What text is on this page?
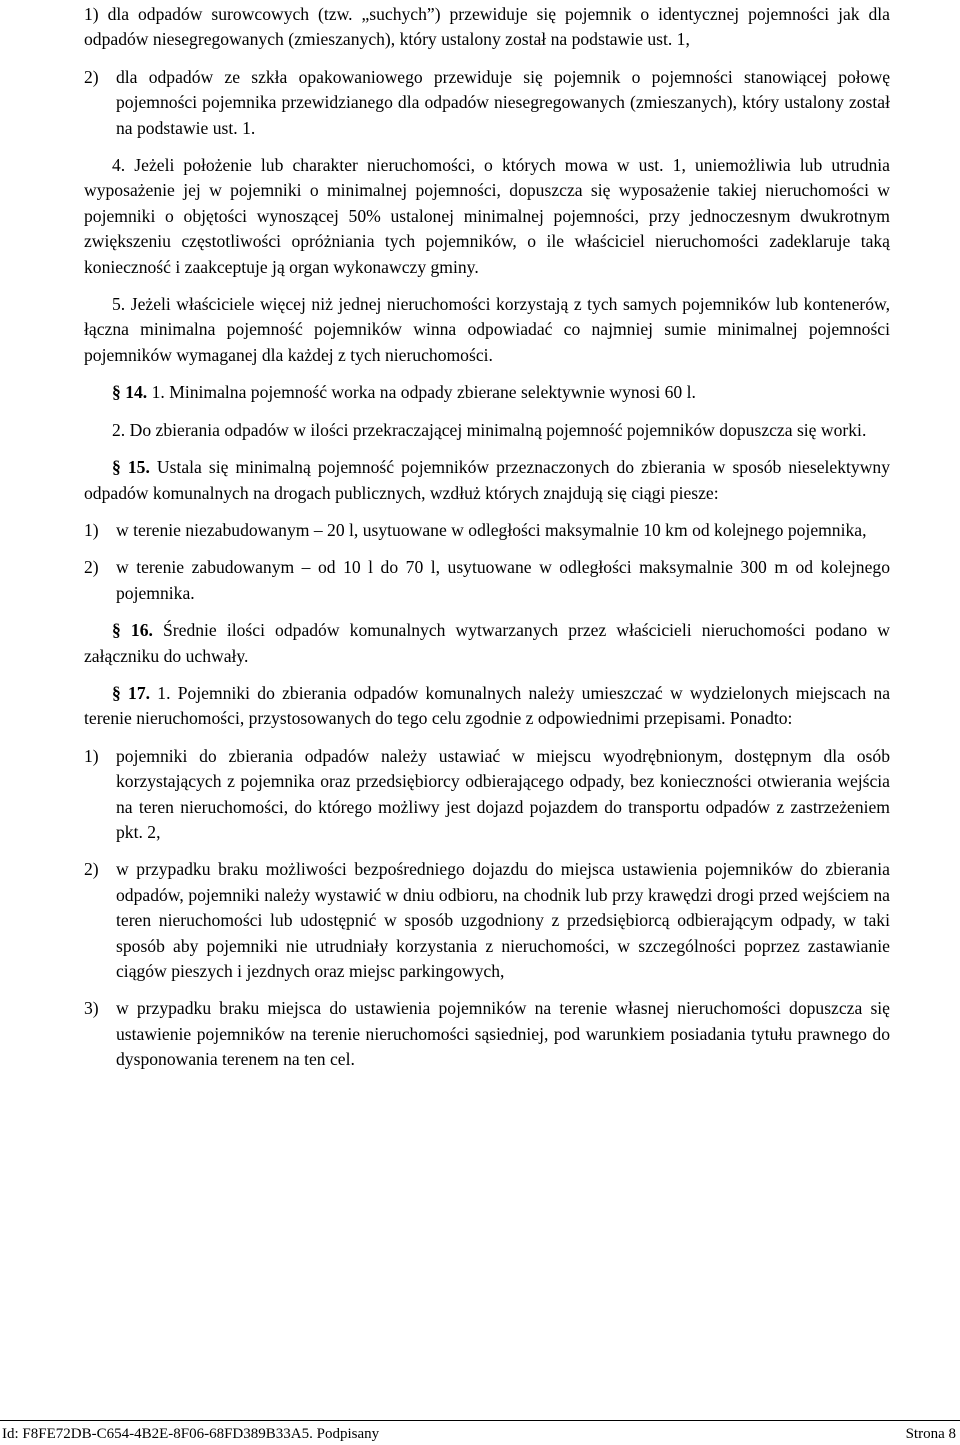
1) dla odpadów surowcowych (tzw. „suchych”) przewiduje się pojemnik o identycznej pojemności jak dla odpadów niesegregowanych (zmieszanych), który ustalony został na podstawie ust. 1,
2) dla odpadów ze szkła opakowaniowego przewiduje się pojemnik o pojemności stanowiącej połowę pojemności pojemnika przewidzianego dla odpadów niesegregowanych (zmieszanych), który ustalony został na podstawie ust. 1.

4. Jeżeli położenie lub charakter nieruchomości, o których mowa w ust. 1, uniemożliwia lub utrudnia wyposażenie jej w pojemniki o minimalnej pojemności, dopuszcza się wyposażenie takiej nieruchomości w pojemniki o objętości wynoszącej 50% ustalonej minimalnej pojemności, przy jednoczesnym dwukrotnym zwiększeniu częstotliwości opróżniania tych pojemników, o ile właściciel nieruchomości zadeklaruje taką konieczność i zaakceptuje ją organ wykonawczy gminy.

5. Jeżeli właściciele więcej niż jednej nieruchomości korzystają z tych samych pojemników lub kontenerów, łączna minimalna pojemność pojemników winna odpowiadać co najmniej sumie minimalnej pojemności pojemników wymaganej dla każdej z tych nieruchomości.

§ 14. 1. Minimalna pojemność worka na odpady zbierane selektywnie wynosi 60 l.

2. Do zbierania odpadów w ilości przekraczającej minimalną pojemność pojemników dopuszcza się worki.

§ 15. Ustala się minimalną pojemność pojemników przeznaczonych do zbierania w sposób nieselektywny odpadów komunalnych na drogach publicznych, wzdłuż których znajdują się ciągi piesze:

1) w terenie niezabudowanym – 20 l, usytuowane w odległości maksymalnie 10 km od kolejnego pojemnika,
2) w terenie zabudowanym – od 10 l do 70 l, usytuowane w odległości maksymalnie 300 m od kolejnego pojemnika.

§ 16. Średnie ilości odpadów komunalnych wytwarzanych przez właścicieli nieruchomości podano w załączniku do uchwały.

§ 17. 1. Pojemniki do zbierania odpadów komunalnych należy umieszczać w wydzielonych miejscach na terenie nieruchomości, przystosowanych do tego celu zgodnie z odpowiednimi przepisami. Ponadto:

1) pojemniki do zbierania odpadów należy ustawiać w miejscu wyodrębnionym, dostępnym dla osób korzystających z pojemnika oraz przedsiębiorcy odbierającego odpady, bez konieczności otwierania wejścia na teren nieruchomości, do którego możliwy jest dojazd pojazdem do transportu odpadów z zastrzeżeniem pkt. 2,
2) w przypadku braku możliwości bezpośredniego dojazdu do miejsca ustawienia pojemników do zbierania odpadów, pojemniki należy wystawić w dniu odbioru, na chodnik lub przy krawędzi drogi przed wejściem na teren nieruchomości lub udostępnić w sposób uzgodniony z przedsiębiorcą odbierającym odpady, w taki sposób aby pojemniki nie utrudniały korzystania z nieruchomości, w szczególności poprzez zastawianie ciągów pieszych i jezdnych oraz miejsc parkingowych,
3) w przypadku braku miejsca do ustawienia pojemników na terenie własnej nieruchomości dopuszcza się ustawienie pojemników na terenie nieruchomości sąsiedniej, pod warunkiem posiadania tytułu prawnego do dysponowania terenem na ten cel.
Id: F8FE72DB-C654-4B2E-8F06-68FD389B33A5. Podpisany	Strona 8
